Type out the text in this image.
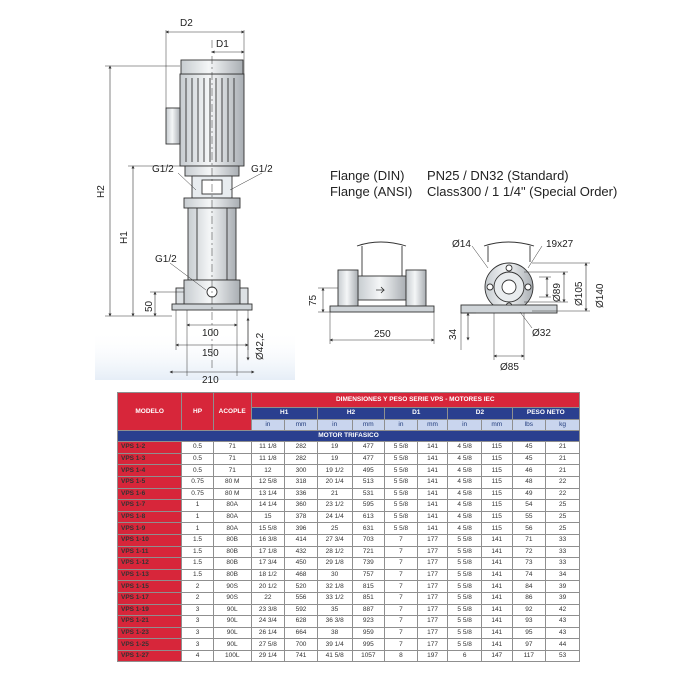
D2
D1
H2
H1
50
G1/2	G1/2
G1/2
100
150
210
Ø42,2
Flange (DIN)
Flange (ANSI)
PN25 / DN32 (Standard)
Class300 / 1 1/4" (Special Order)
75
250
Ø14	19x27
Ø89 Ø105 Ø140
34	Ø32
Ø85
MODELO	HP	ACOPLE	DIMENSIONES Y PESO SERIE VPS - MOTORES IEC									
			H1		H2		D1		D2		PESO NETO	
			in	mm	in	mm	in	mm	in	mm	lbs	kg
MOTOR TRIFASICO												
VPS 1-2	0.5	71	11 1/8	282	19	477	5 5/8	141	4 5/8	115	45	21
VPS 1-3	0.5	71	11 1/8	282	19	477	5 5/8	141	4 5/8	115	45	21
VPS 1-4	0.5	71	12	300	19 1/2	495	5 5/8	141	4 5/8	115	46	21
VPS 1-5	0.75	80 M	12 5/8	318	20 1/4	513	5 5/8	141	4 5/8	115	48	22
VPS 1-6	0.75	80 M	13 1/4	336	21	531	5 5/8	141	4 5/8	115	49	22
VPS 1-7	1	80A	14 1/4	360	23 1/2	595	5 5/8	141	4 5/8	115	54	25
VPS 1-8	1	80A	15	378	24 1/4	613	5 5/8	141	4 5/8	115	55	25
VPS 1-9	1	80A	15 5/8	396	25	631	5 5/8	141	4 5/8	115	56	25
VPS 1-10	1.5	80B	16 3/8	414	27 3/4	703	7	177	5 5/8	141	71	33
VPS 1-11	1.5	80B	17 1/8	432	28 1/2	721	7	177	5 5/8	141	72	33
VPS 1-12	1.5	80B	17 3/4	450	29 1/8	739	7	177	5 5/8	141	73	33
VPS 1-13	1.5	80B	18 1/2	468	30	757	7	177	5 5/8	141	74	34
VPS 1-15	2	90S	20 1/2	520	32 1/8	815	7	177	5 5/8	141	84	39
VPS 1-17	2	90S	22	556	33 1/2	851	7	177	5 5/8	141	86	39
VPS 1-19	3	90L	23 3/8	592	35	887	7	177	5 5/8	141	92	42
VPS 1-21	3	90L	24 3/4	628	36 3/8	923	7	177	5 5/8	141	93	43
VPS 1-23	3	90L	26 1/4	664	38	959	7	177	5 5/8	141	95	43
VPS 1-25	3	90L	27 5/8	700	39 1/4	995	7	177	5 5/8	141	97	44
VPS 1-27	4	100L	29 1/4	741	41 5/8	1057	8	197	6	147	117	53
